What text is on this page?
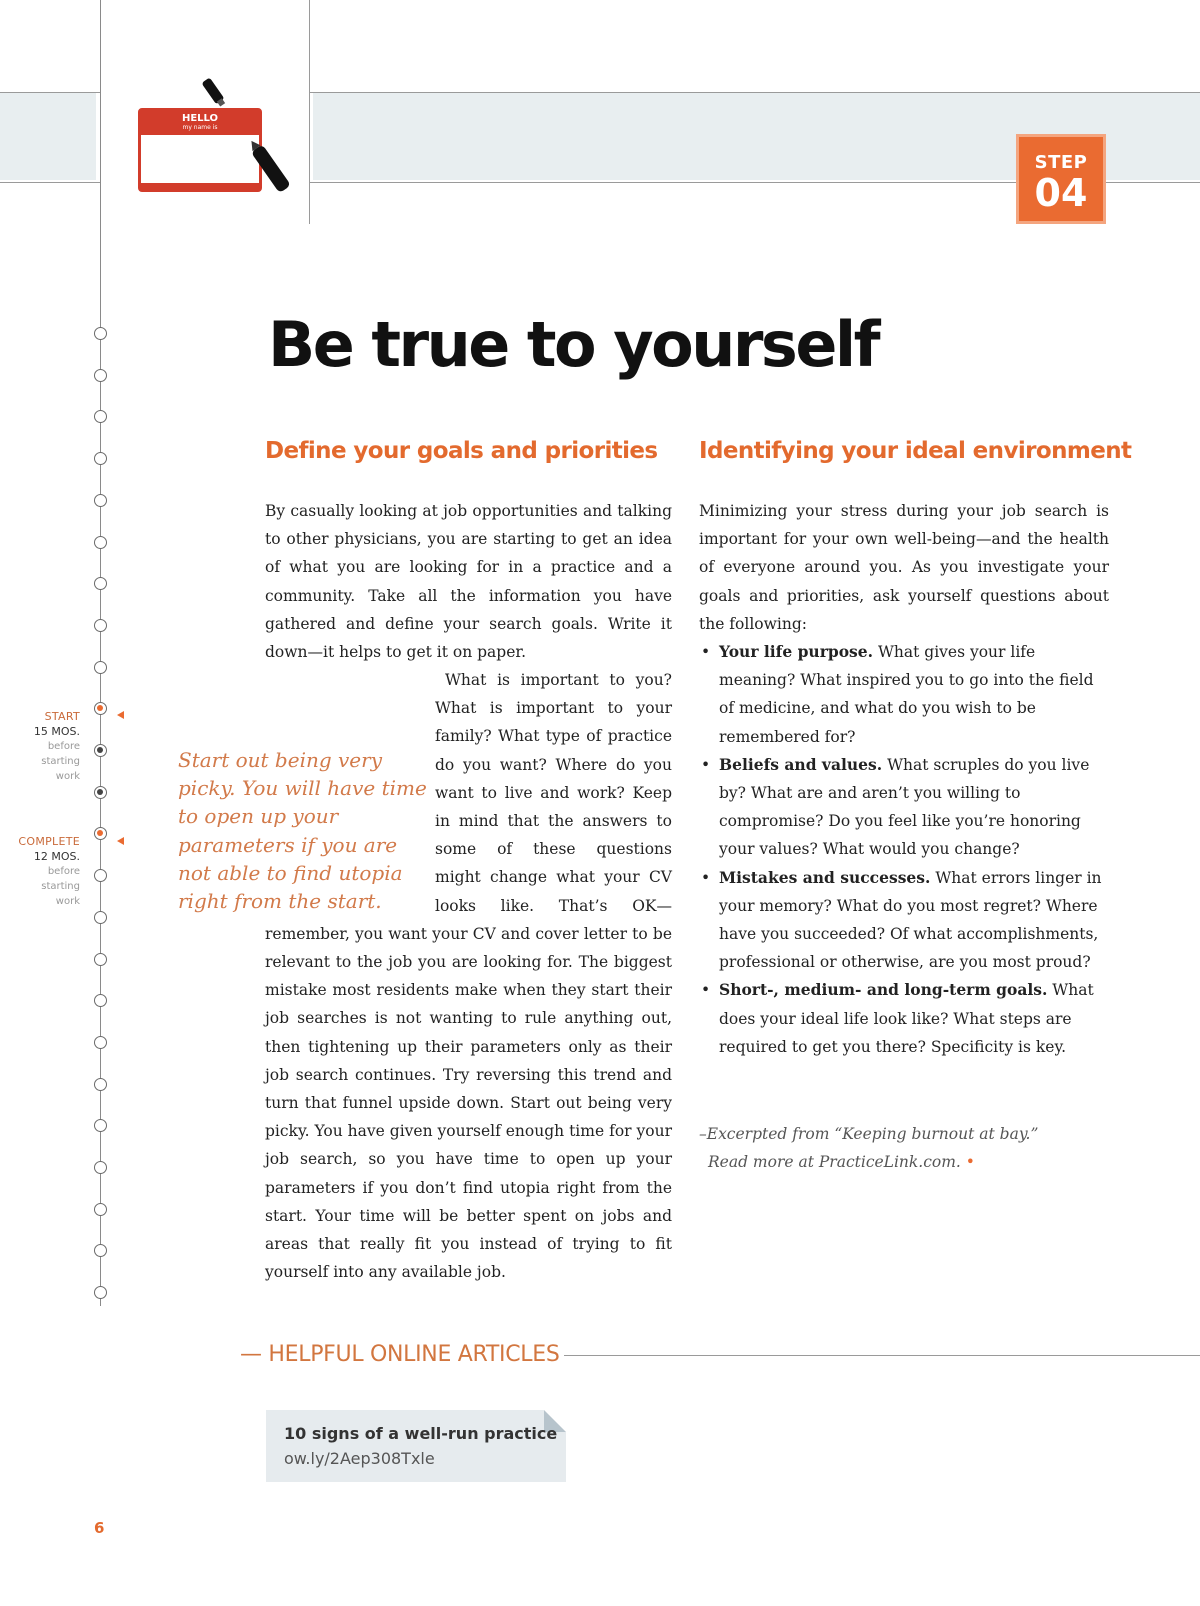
HELLO
my name is
STEP
04
START
15 MOS.
before
starting
work
COMPLETE
12 MOS.
before
starting
work
Be true to yourself
Define your goals and priorities Identifying your ideal environment

By casually looking at job opportunities and talking to other physicians, you are starting to get an idea of what you are looking for in a practice and a community. Take all the information you have gathered and define your search goals. Write it down—it helps to get it on paper.

What is important to you? What is important to your family? What type of practice do you want? Where do you want to live and work? Keep in mind that the answers to some of these questions might change what your CV looks like. That’s OK—remember, you want your CV and cover letter to be relevant to the job you are looking for. The biggest mistake most residents make when they start their job searches is not wanting to rule anything out, then tightening up their parameters only as their job search continues. Try reversing this trend and turn that funnel upside down. Start out being very picky. You have given yourself enough time for your job search, so you have time to open up your parameters if you don’t find utopia right from the start. Your time will be better spent on jobs and areas that really fit you instead of trying to fit yourself into any available job.

Start out being very picky. You will have time to open up your parameters if you are not able to find utopia right from the start.

Minimizing your stress during your job search is important for your own well-being—and the health of everyone around you. As you investigate your goals and priorities, ask yourself questions about the following:

• Your life purpose. What gives your life meaning? What inspired you to go into the field of medicine, and what do you wish to be remembered for?
• Beliefs and values. What scruples do you live by? What are and aren’t you willing to compromise? Do you feel like you’re honoring your values? What would you change?
• Mistakes and successes. What errors linger in your memory? What do you most regret? Where have you succeeded? Of what accomplishments, professional or otherwise, are you most proud?
• Short-, medium- and long-term goals. What does your ideal life look like? What steps are required to get you there? Specificity is key.
–Excerpted from “Keeping burnout at bay.”
Read more at PracticeLink.com. •
— HELPFUL ONLINE ARTICLES
10 signs of a well-run practice
ow.ly/2Aep308Txle
6
